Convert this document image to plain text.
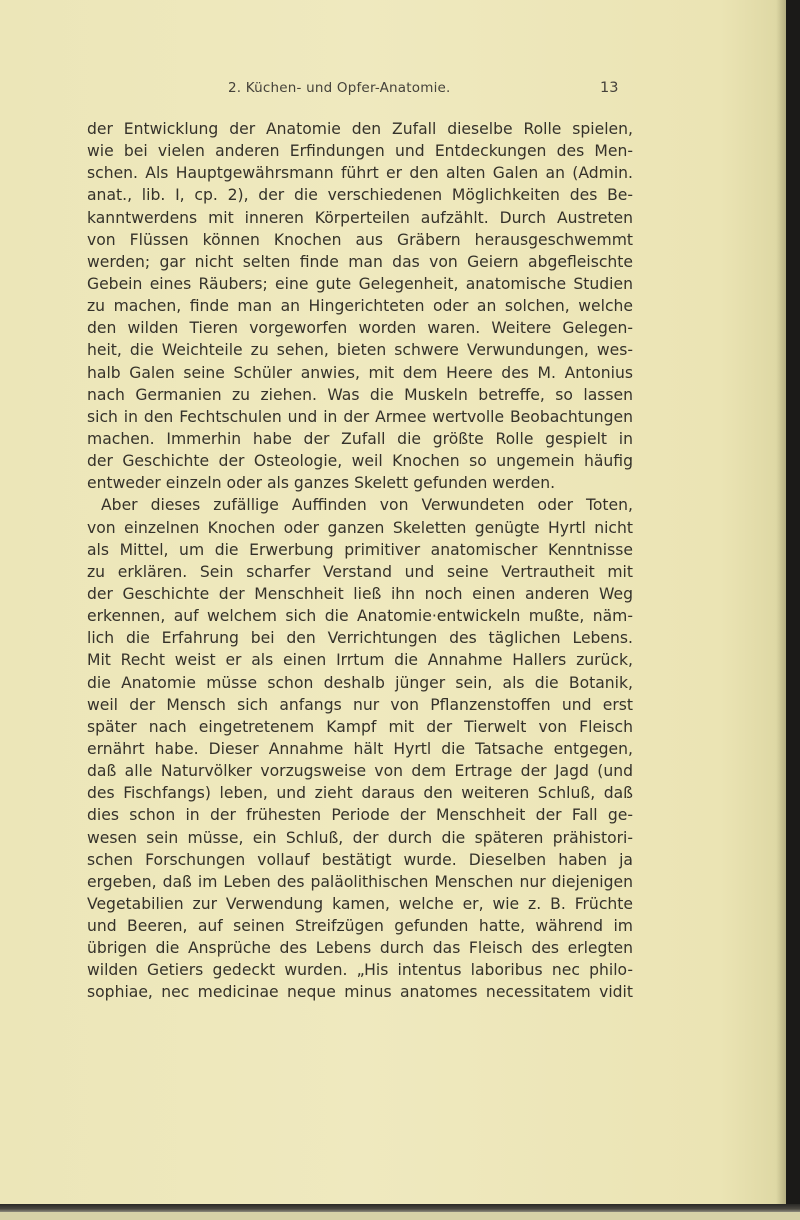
2. Küchen- und Opfer-Anatomie.	13
der Entwicklung der Anatomie den Zufall dieselbe Rolle spielen,
wie bei vielen anderen Erfindungen und Entdeckungen des Men-
schen. Als Hauptgewährsmann führt er den alten Galen an (Admin.
anat., lib. I, cp. 2), der die verschiedenen Möglichkeiten des Be-
kanntwerdens mit inneren Körperteilen aufzählt. Durch Austreten
von Flüssen können Knochen aus Gräbern herausgeschwemmt
werden; gar nicht selten finde man das von Geiern abgefleischte
Gebein eines Räubers; eine gute Gelegenheit, anatomische Studien
zu machen, finde man an Hingerichteten oder an solchen, welche
den wilden Tieren vorgeworfen worden waren. Weitere Gelegen-
heit, die Weichteile zu sehen, bieten schwere Verwundungen, wes-
halb Galen seine Schüler anwies, mit dem Heere des M. Antonius
nach Germanien zu ziehen. Was die Muskeln betreffe, so lassen
sich in den Fechtschulen und in der Armee wertvolle Beobachtungen
machen. Immerhin habe der Zufall die größte Rolle gespielt in
der Geschichte der Osteologie, weil Knochen so ungemein häufig
entweder einzeln oder als ganzes Skelett gefunden werden.
Aber dieses zufällige Auffinden von Verwundeten oder Toten,
von einzelnen Knochen oder ganzen Skeletten genügte Hyrtl nicht
als Mittel, um die Erwerbung primitiver anatomischer Kenntnisse
zu erklären. Sein scharfer Verstand und seine Vertrautheit mit
der Geschichte der Menschheit ließ ihn noch einen anderen Weg
erkennen, auf welchem sich die Anatomie·entwickeln mußte, näm-
lich die Erfahrung bei den Verrichtungen des täglichen Lebens.
Mit Recht weist er als einen Irrtum die Annahme Hallers zurück,
die Anatomie müsse schon deshalb jünger sein, als die Botanik,
weil der Mensch sich anfangs nur von Pflanzenstoffen und erst
später nach eingetretenem Kampf mit der Tierwelt von Fleisch
ernährt habe. Dieser Annahme hält Hyrtl die Tatsache entgegen,
daß alle Naturvölker vorzugsweise von dem Ertrage der Jagd (und
des Fischfangs) leben, und zieht daraus den weiteren Schluß, daß
dies schon in der frühesten Periode der Menschheit der Fall ge-
wesen sein müsse, ein Schluß, der durch die späteren prähistori-
schen Forschungen vollauf bestätigt wurde. Dieselben haben ja
ergeben, daß im Leben des paläolithischen Menschen nur diejenigen
Vegetabilien zur Verwendung kamen, welche er, wie z. B. Früchte
und Beeren, auf seinen Streifzügen gefunden hatte, während im
übrigen die Ansprüche des Lebens durch das Fleisch des erlegten
wilden Getiers gedeckt wurden. „His intentus laboribus nec philo-
sophiae, nec medicinae neque minus anatomes necessitatem vidit
